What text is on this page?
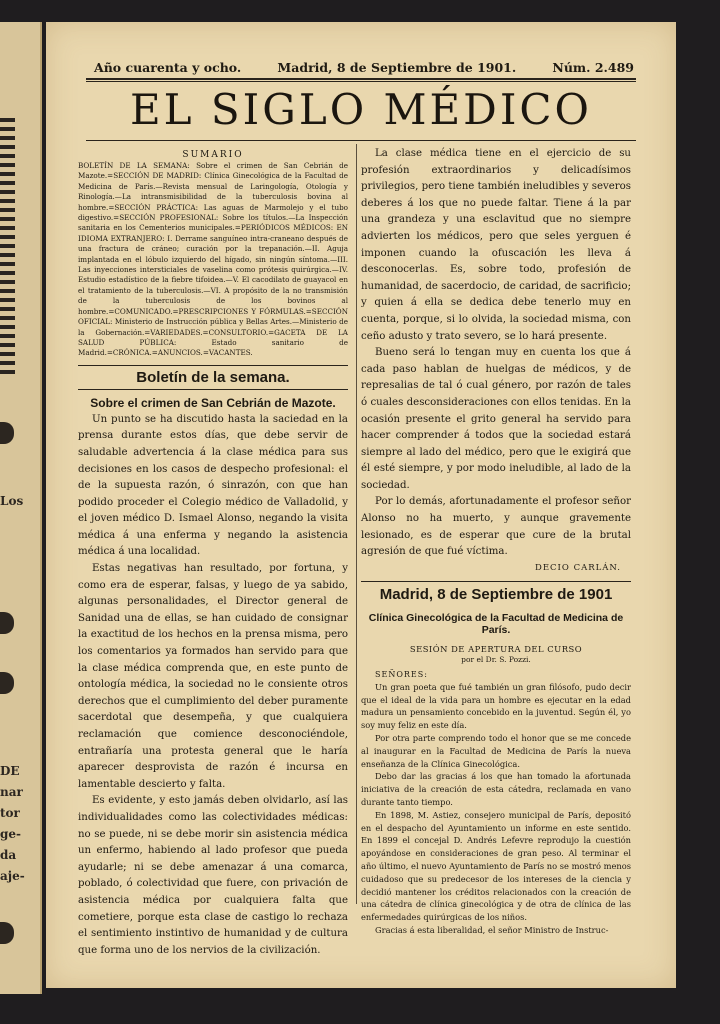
Los
DE
nar
tor
ge-
da
aje-
Año cuarenta y ocho.	Madrid, 8 de Septiembre de 1901.	Núm. 2.489
EL SIGLO MÉDICO
SUMARIO

BOLETÍN DE LA SEMANA: Sobre el crimen de San Cebrián de Mazote.=SECCIÓN DE MADRID: Clínica Ginecológica de la Facultad de Medicina de París.—Revista mensual de Laringología, Otología y Rinología.—La intransmisibilidad de la tuberculosis bovina al hombre.=SECCIÓN PRÁCTICA: Las aguas de Marmolejo y el tubo digestivo.=SECCIÓN PROFESIONAL: Sobre los títulos.—La Inspección sanitaria en los Cementerios municipales.=PERIÓDICOS MÉDICOS: EN IDIOMA EXTRANJERO: I. Derrame sanguíneo intra-craneano después de una fractura de cráneo; curación por la trepanación.—II. Aguja implantada en el lóbulo izquierdo del hígado, sin ningún síntoma.—III. Las inyecciones intersticiales de vaselina como prótesis quirúrgica.—IV. Estudio estadístico de la fiebre tifoidea.—V. El cacodilato de guayacol en el tratamiento de la tuberculosis.—VI. A propósito de la no transmisión de la tuberculosis de los bovinos al hombre.=COMUNICADO.=PRESCRIPCIONES Y FÓRMULAS.=SECCIÓN OFICIAL: Ministerio de Instrucción pública y Bellas Artes.—Ministerio de la Gobernación.=VARIEDADES.=CONSULTORIO.=GACETA DE LA SALUD PÚBLICA: Estado sanitario de Madrid.=CRÓNICA.=ANUNCIOS.=VACANTES.

Boletín de la semana.
Sobre el crimen de San Cebrián de Mazote.

Un punto se ha discutido hasta la saciedad en la prensa durante estos días, que debe servir de saludable advertencia á la clase médica para sus decisiones en los casos de despecho profesional: el de la supuesta razón, ó sinrazón, con que han podido proceder el Colegio médico de Valladolid, y el joven médico D. Ismael Alonso, negando la visita médica á una enferma y negando la asistencia médica á una localidad.

Estas negativas han resultado, por fortuna, y como era de esperar, falsas, y luego de ya sabido, algunas personalidades, el Director general de Sanidad una de ellas, se han cuidado de consignar la exactitud de los hechos en la prensa misma, pero los comentarios ya formados han servido para que la clase médica comprenda que, en este punto de ontología médica, la sociedad no le consiente otros derechos que el cumplimiento del deber puramente sacerdotal que desempeña, y que cualquiera reclamación que comience desconociéndole, entrañaría una protesta general que le haría aparecer desprovista de razón é incursa en lamentable descierto y falta.

Es evidente, y esto jamás deben olvidarlo, así las individualidades como las colectividades médicas: no se puede, ni se debe morir sin asistencia médica un enfermo, habiendo al lado profesor que pueda ayudarle; ni se debe amenazar á una comarca, poblado, ó colectividad que fuere, con privación de asistencia médica por cualquiera falta que cometiere, porque esta clase de castigo lo rechaza el sentimiento instintivo de humanidad y de cultura que forma uno de los nervios de la civilización.

La clase médica tiene en el ejercicio de su profesión extraordinarios y delicadísimos privilegios, pero tiene también ineludibles y severos deberes á los que no puede faltar. Tiene á la par una grandeza y una esclavitud que no siempre advierten los médicos, pero que seles yerguen é imponen cuando la ofuscación les lleva á desconocerlas. Es, sobre todo, profesión de humanidad, de sacerdocio, de caridad, de sacrificio; y quien á ella se dedica debe tenerlo muy en cuenta, porque, si lo olvida, la sociedad misma, con ceño adusto y trato severo, se lo hará presente.

Bueno será lo tengan muy en cuenta los que á cada paso hablan de huelgas de médicos, y de represalias de tal ó cual género, por razón de tales ó cuales desconsideraciones con ellos tenidas. En la ocasión presente el grito general ha servido para hacer comprender á todos que la sociedad estará siempre al lado del médico, pero que le exigirá que él esté siempre, y por modo ineludible, al lado de la sociedad.

Por lo demás, afortunadamente el profesor señor Alonso no ha muerto, y aunque gravemente lesionado, es de esperar que cure de la brutal agresión de que fué víctima.

DECIO CARLÁN.
Madrid, 8 de Septiembre de 1901
Clínica Ginecológica de la Facultad de Medicina de París.

SESIÓN DE APERTURA DEL CURSO

por el Dr. S. Pozzi.

SEÑORES:

Un gran poeta que fué también un gran filósofo, pudo decir que el ideal de la vida para un hombre es ejecutar en la edad madura un pensamiento concebido en la juventud. Según él, yo soy muy feliz en este día.

Por otra parte comprendo todo el honor que se me concede al inaugurar en la Facultad de Medicina de París la nueva enseñanza de la Clínica Ginecológica.

Debo dar las gracias á los que han tomado la afortunada iniciativa de la creación de esta cátedra, reclamada en vano durante tanto tiempo.

En 1898, M. Astiez, consejero municipal de París, depositó en el despacho del Ayuntamiento un informe en este sentido. En 1899 el concejal D. Andrés Lefevre reprodujo la cuestión apoyándose en consideraciones de gran peso. Al terminar el año último, el nuevo Ayuntamiento de París no se mostró menos cuidadoso que su predecesor de los intereses de la ciencia y decidió mantener los créditos relacionados con la creación de una cátedra de clínica ginecológica y de otra de clínica de las enfermedades quirúrgicas de los niños.

Gracias á esta liberalidad, el señor Ministro de Instruc-
